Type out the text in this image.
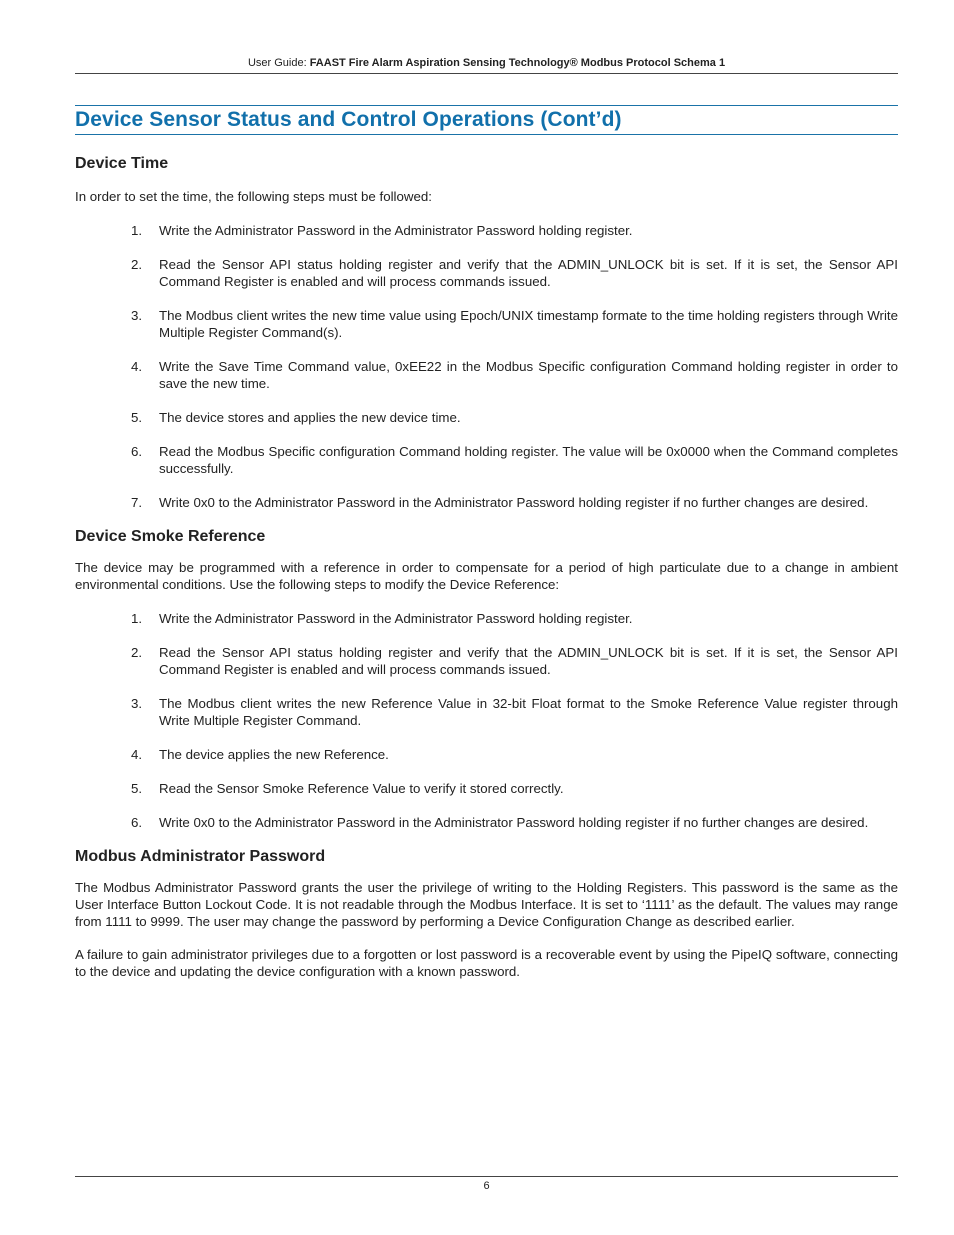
User Guide: FAAST Fire Alarm Aspiration Sensing Technology® Modbus Protocol Schema 1
Device Sensor Status and Control Operations (Cont’d)
Device Time

In order to set the time, the following steps must be followed:

1. Write the Administrator Password in the Administrator Password holding register.
2. Read the Sensor API status holding register and verify that the ADMIN_UNLOCK bit is set. If it is set, the Sensor API Command Register is enabled and will process commands issued.
3. The Modbus client writes the new time value using Epoch/UNIX timestamp formate to the time holding registers through Write Multiple Register Command(s).
4. Write the Save Time Command value, 0xEE22 in the Modbus Specific configuration Command holding register in order to save the new time.
5. The device stores and applies the new device time.
6. Read the Modbus Specific configuration Command holding register. The value will be 0x0000 when the Command completes successfully.
7. Write 0x0 to the Administrator Password in the Administrator Password holding register if no further changes are desired.
Device Smoke Reference

The device may be programmed with a reference in order to compensate for a period of high particulate due to a change in ambient environmental conditions. Use the following steps to modify the Device Reference:

1. Write the Administrator Password in the Administrator Password holding register.
2. Read the Sensor API status holding register and verify that the ADMIN_UNLOCK bit is set. If it is set, the Sensor API Command Register is enabled and will process commands issued.
3. The Modbus client writes the new Reference Value in 32-bit Float format to the Smoke Reference Value register through Write Multiple Register Command.
4. The device applies the new Reference.
5. Read the Sensor Smoke Reference Value to verify it stored correctly.
6. Write 0x0 to the Administrator Password in the Administrator Password holding register if no further changes are desired.
Modbus Administrator Password

The Modbus Administrator Password grants the user the privilege of writing to the Holding Registers. This password is the same as the User Interface Button Lockout Code. It is not readable through the Modbus Interface. It is set to ‘1111’ as the default. The values may range from 1111 to 9999. The user may change the password by performing a Device Configuration Change as described earlier.

A failure to gain administrator privileges due to a forgotten or lost password is a recoverable event by using the PipeIQ software, connecting to the device and updating the device configuration with a known password.

6
